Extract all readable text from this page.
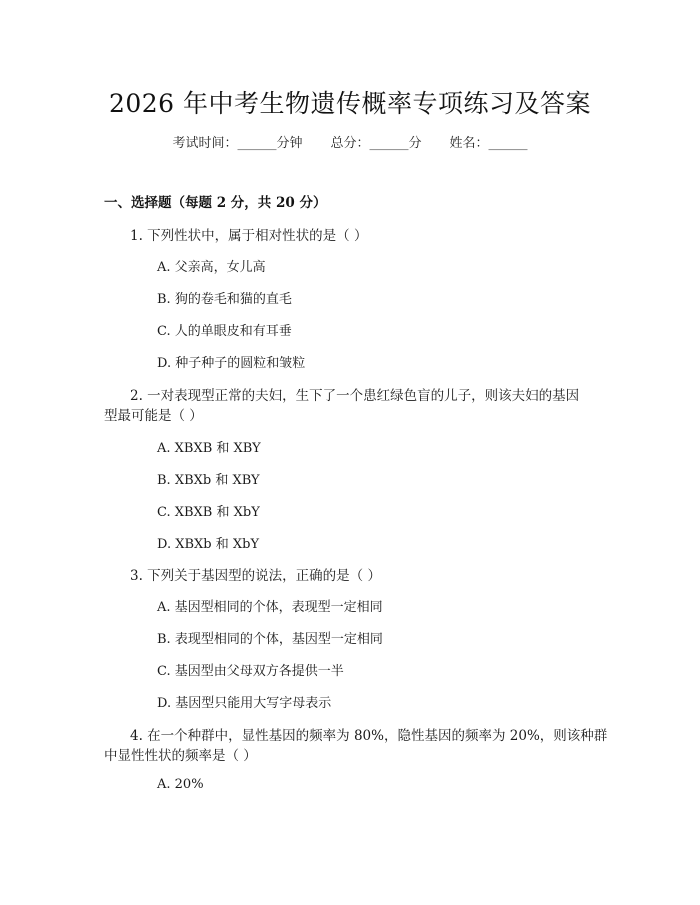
2026 年中考生物遗传概率专项练习及答案
考试时间：______分钟 总分：______分 姓名：______
一、选择题（每题 2 分，共 20 分）
1. 下列性状中，属于相对性状的是（ ）
A. 父亲高，女儿高
B. 狗的卷毛和猫的直毛
C. 人的单眼皮和有耳垂
D. 种子种子的圆粒和皱粒
2. 一对表现型正常的夫妇，生下了一个患红绿色盲的儿子，则该夫妇的基因
型最可能是（ ）
A. XBXB 和 XBY
B. XBXb 和 XBY
C. XBXB 和 XbY
D. XBXb 和 XbY
3. 下列关于基因型的说法，正确的是（ ）
A. 基因型相同的个体，表现型一定相同
B. 表现型相同的个体，基因型一定相同
C. 基因型由父母双方各提供一半
D. 基因型只能用大写字母表示
4. 在一个种群中，显性基因的频率为 80%，隐性基因的频率为 20%，则该种群
中显性性状的频率是（ ）
A. 20%
